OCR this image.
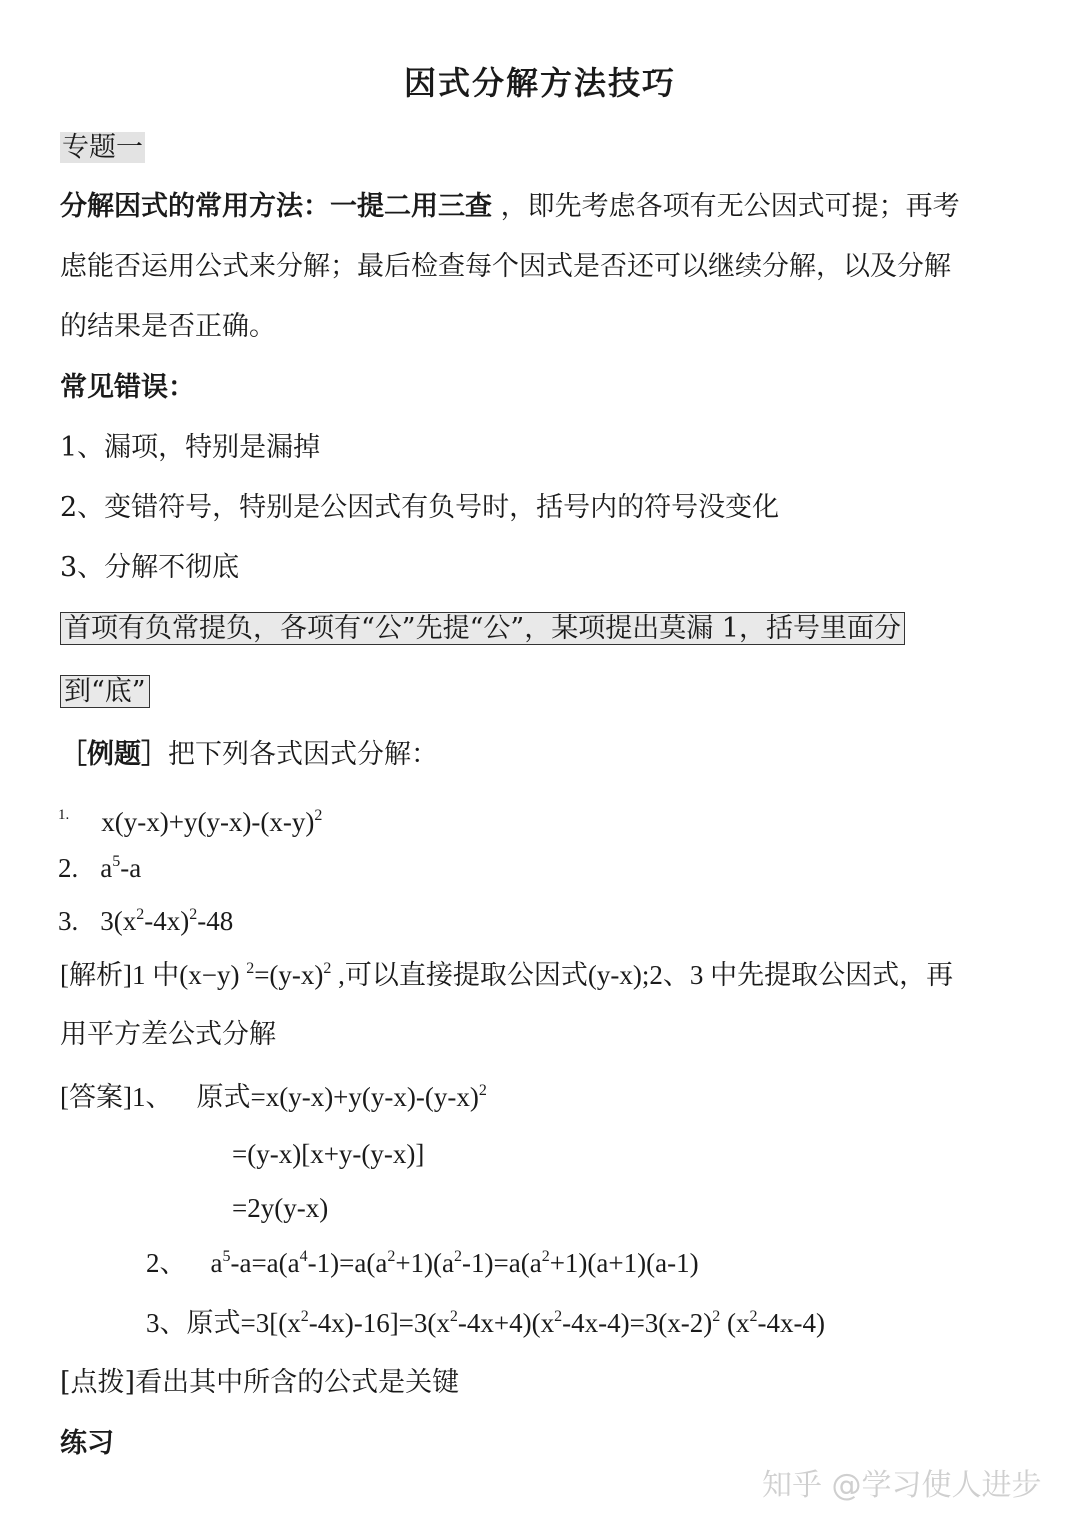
因式分解方法技巧
专题一
分解因式的常用方法：一提二用三查 ，即先考虑各项有无公因式可提；再考
虑能否运用公式来分解；最后检查每个因式是否还可以继续分解，以及分解
的结果是否正确。
常见错误：
1、漏项，特别是漏掉
2、变错符号，特别是公因式有负号时，括号内的符号没变化
3、分解不彻底
首项有负常提负，各项有“公”先提“公”，某项提出莫漏 1，括号里面分
到“底”
［例题］把下列各式因式分解：
$^{1.}$ $x(y-x)+y(y-x)-(x-y)^2$
2. $a^5-a$
3. $3(x^2-4x)^2-48$
[解析]1 中(x−y) $^2=(y-x)^2$ ,可以直接提取公因式(y-x);2、3 中先提取公因式，再
用平方差公式分解
[答案]1、 原式$=x(y-x)+y(y-x)-(y-x)^2$
=(y-x)[x+y-(y-x)]
=2y(y-x)
2、 $a^5-a=a(a^4-1)=a(a^2+1)(a^2-1)=a(a^2+1)(a+1)(a-1)$
3、原式$=3[(x^2-4x)-16]=3(x^2-4x+4)(x^2-4x-4)=3(x-2)^2$ $(x^2-4x-4)$
[点拨]看出其中所含的公式是关键
练习
知乎 @学习使人进步
